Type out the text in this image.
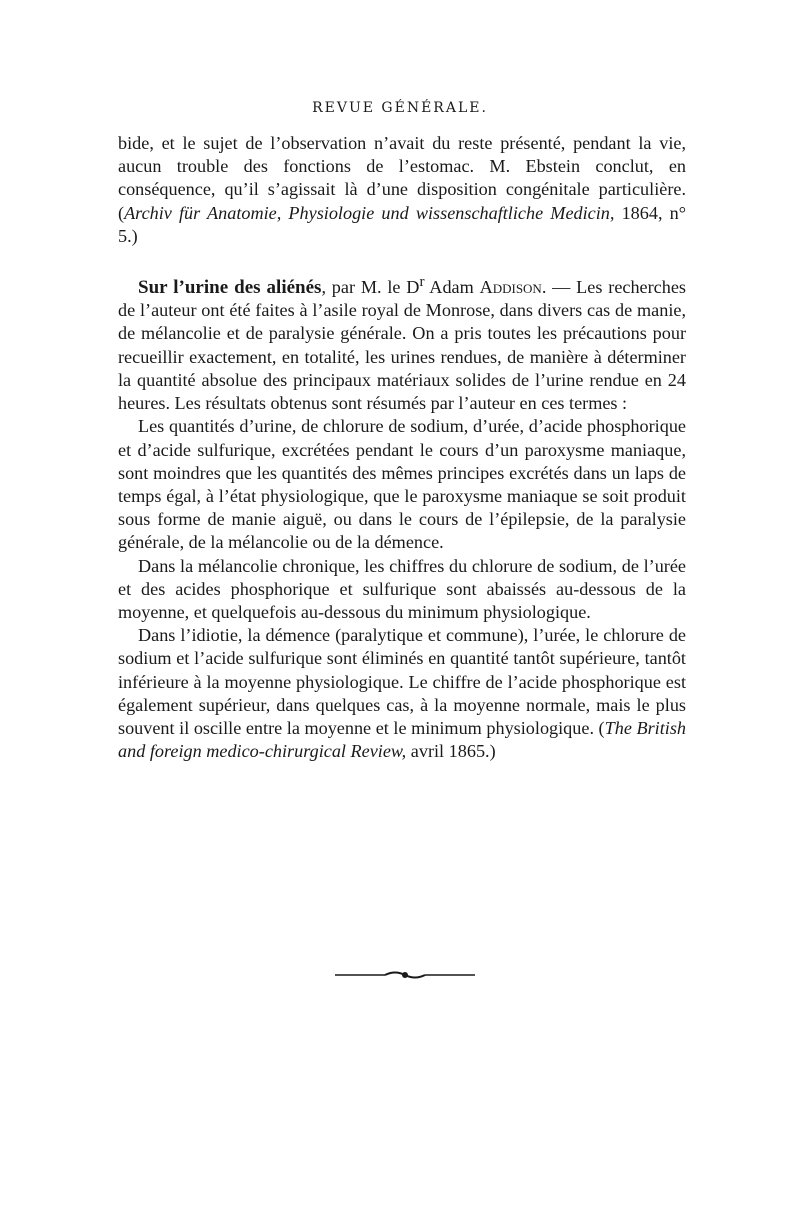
REVUE GÉNÉRALE.

bide, et le sujet de l’observation n’avait du reste présenté, pendant la vie, aucun trouble des fonctions de l’estomac. M. Ebstein conclut, en conséquence, qu’il s’agissait là d’une disposition congénitale particulière. (Archiv für Anatomie, Physiologie und wissenschaftliche Medicin, 1864, n° 5.)

Sur l’urine des aliénés, par M. le $D^r$ Adam Addison. — Les recherches de l’auteur ont été faites à l’asile royal de Monrose, dans divers cas de manie, de mélancolie et de paralysie générale. On a pris toutes les précautions pour recueillir exactement, en totalité, les urines rendues, de manière à déterminer la quantité absolue des principaux matériaux solides de l’urine rendue en 24 heures. Les résultats obtenus sont résumés par l’auteur en ces termes :

Les quantités d’urine, de chlorure de sodium, d’urée, d’acide phosphorique et d’acide sulfurique, excrétées pendant le cours d’un paroxysme maniaque, sont moindres que les quantités des mêmes principes excrétés dans un laps de temps égal, à l’état physiologique, que le paroxysme maniaque se soit produit sous forme de manie aiguë, ou dans le cours de l’épilepsie, de la paralysie générale, de la mélancolie ou de la démence.

Dans la mélancolie chronique, les chiffres du chlorure de sodium, de l’urée et des acides phosphorique et sulfurique sont abaissés au-dessous de la moyenne, et quelquefois au-dessous du minimum physiologique.

Dans l’idiotie, la démence (paralytique et commune), l’urée, le chlorure de sodium et l’acide sulfurique sont éliminés en quantité tantôt supérieure, tantôt inférieure à la moyenne physiologique. Le chiffre de l’acide phosphorique est également supérieur, dans quelques cas, à la moyenne normale, mais le plus souvent il oscille entre la moyenne et le minimum physiologique. (The British and foreign medico-chirurgical Review, avril 1865.)
